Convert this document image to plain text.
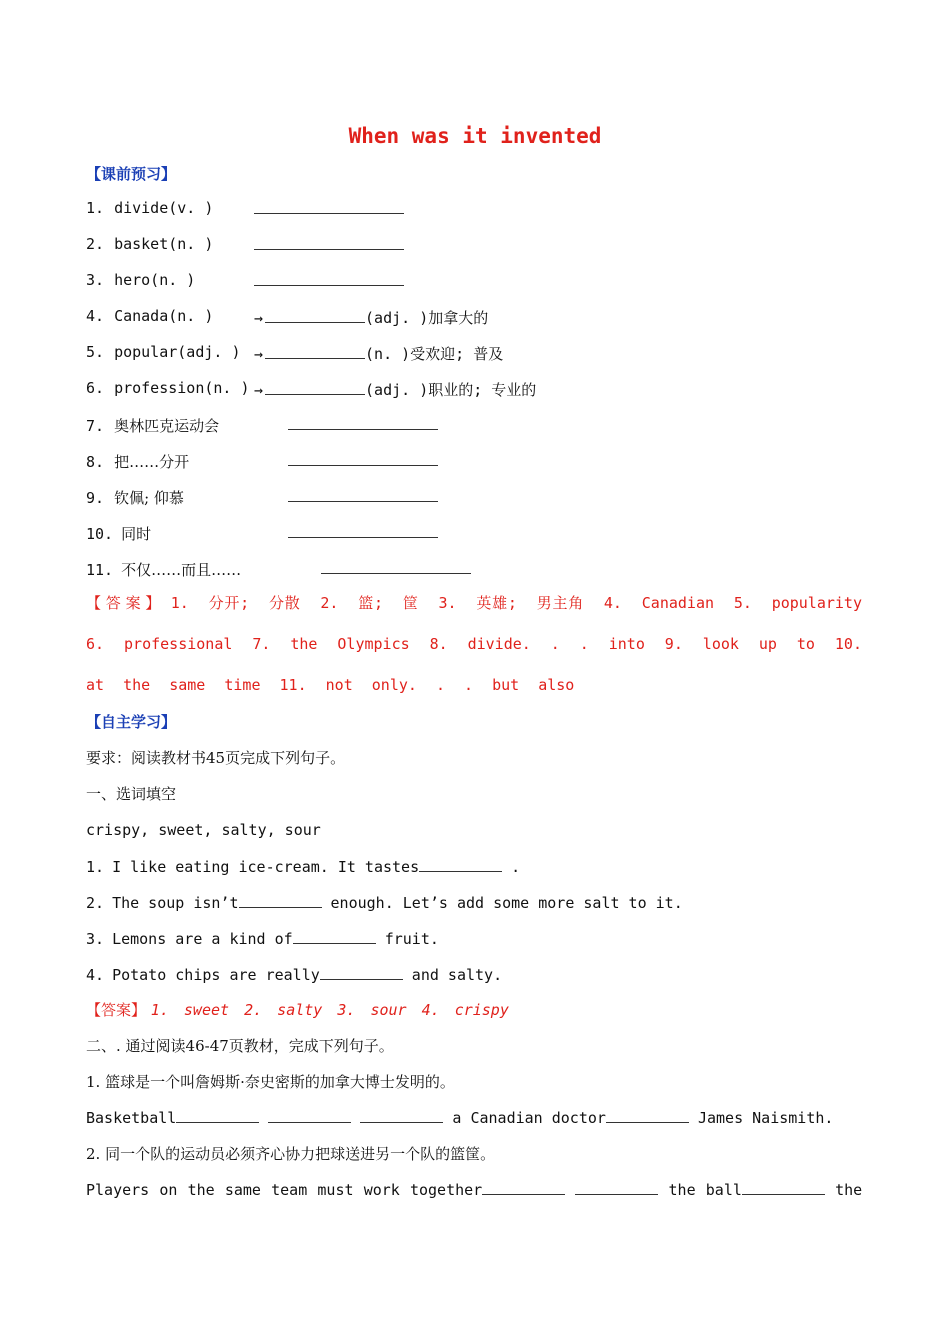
When was it invented
【课前预习】
1. divide(v. )
2. basket(n. )
3. hero(n. )
4. Canada(n. )	→	(adj. )加拿大的
5. popular(adj. ) →	(n. )受欢迎; 普及
6. profession(n. ) →	(adj. )职业的; 专业的
7. 奥林匹克运动会
8. 把……分开
9. 钦佩; 仰慕
10. 同时
11. 不仅……而且……
【答案】 1. 分开; 分散 2. 篮; 筐 3. 英雄; 男主角 4. Canadian 5. popularity 6. professional 7. the Olympics 8. divide. . . into 9. look up to 10. at the same time 11. not only. . . but also
【自主学习】
要求：阅读教材书45页完成下列句子。
一、选词填空
crispy, sweet, salty, sour
1. I like eating ice-cream. It tastes	.
2. The soup isn’t	enough. Let’s add some more salt to it.
3. Lemons are a kind of	fruit.
4. Potato chips are really	and salty.
【答案】 1. sweet 2. salty 3. sour 4. crispy
二、. 通过阅读46-47页教材，完成下列句子。
1. 篮球是一个叫詹姆斯·奈史密斯的加拿大博士发明的。
Basketball	a Canadian doctor	James Naismith.
2. 同一个队的运动员必须齐心协力把球送进另一个队的篮筐。
Players on the same team must work together	the ball	the
